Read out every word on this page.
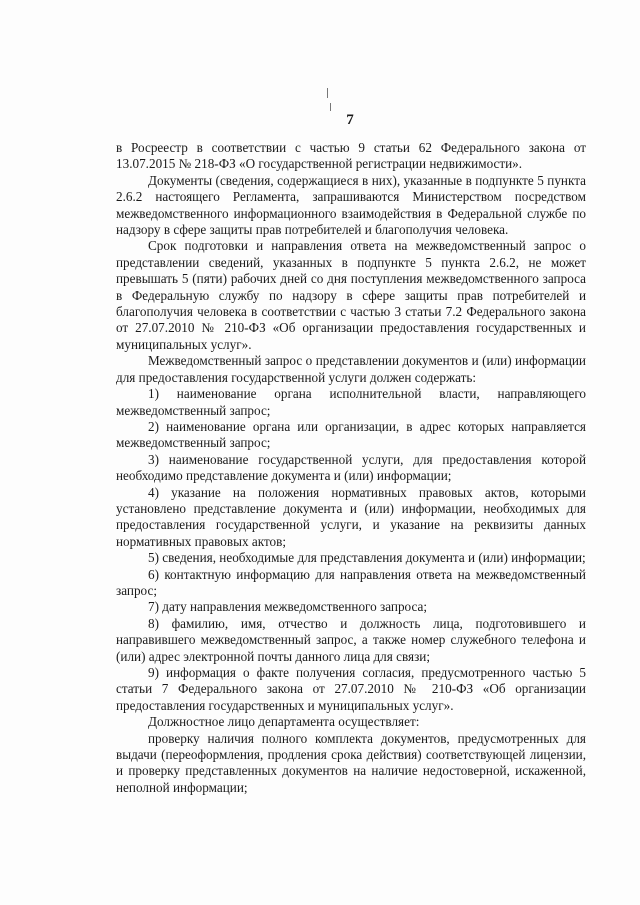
7

в Росреестр в соответствии с частью 9 статьи 62 Федерального закона от 13.07.2015 № 218-ФЗ «О государственной регистрации недвижимости».

Документы (сведения, содержащиеся в них), указанные в подпункте 5 пункта 2.6.2 настоящего Регламента, запрашиваются Министерством посредством межведомственного информационного взаимодействия в Федеральной службе по надзору в сфере защиты прав потребителей и благополучия человека.

Срок подготовки и направления ответа на межведомственный запрос о представлении сведений, указанных в подпункте 5 пункта 2.6.2, не может превышать 5 (пяти) рабочих дней со дня поступления межведомственного запроса в Федеральную службу по надзору в сфере защиты прав потребителей и благополучия человека в соответствии с частью 3 статьи 7.2 Федерального закона от 27.07.2010 № 210-ФЗ «Об организации предоставления государственных и муниципальных услуг».

Межведомственный запрос о представлении документов и (или) информации для предоставления государственной услуги должен содержать:

1) наименование органа исполнительной власти, направляющего межведомственный запрос;

2) наименование органа или организации, в адрес которых направляется межведомственный запрос;

3) наименование государственной услуги, для предоставления которой необходимо представление документа и (или) информации;

4) указание на положения нормативных правовых актов, которыми установлено представление документа и (или) информации, необходимых для предоставления государственной услуги, и указание на реквизиты данных нормативных правовых актов;

5) сведения, необходимые для представления документа и (или) информации;

6) контактную информацию для направления ответа на межведомственный запрос;

7) дату направления межведомственного запроса;

8) фамилию, имя, отчество и должность лица, подготовившего и направившего межведомственный запрос, а также номер служебного телефона и (или) адрес электронной почты данного лица для связи;

9) информация о факте получения согласия, предусмотренного частью 5 статьи 7 Федерального закона от 27.07.2010 № 210-ФЗ «Об организации предоставления государственных и муниципальных услуг».

Должностное лицо департамента осуществляет:

проверку наличия полного комплекта документов, предусмотренных для выдачи (переоформления, продления срока действия) соответствующей лицензии, и проверку представленных документов на наличие недостоверной, искаженной, неполной информации;
